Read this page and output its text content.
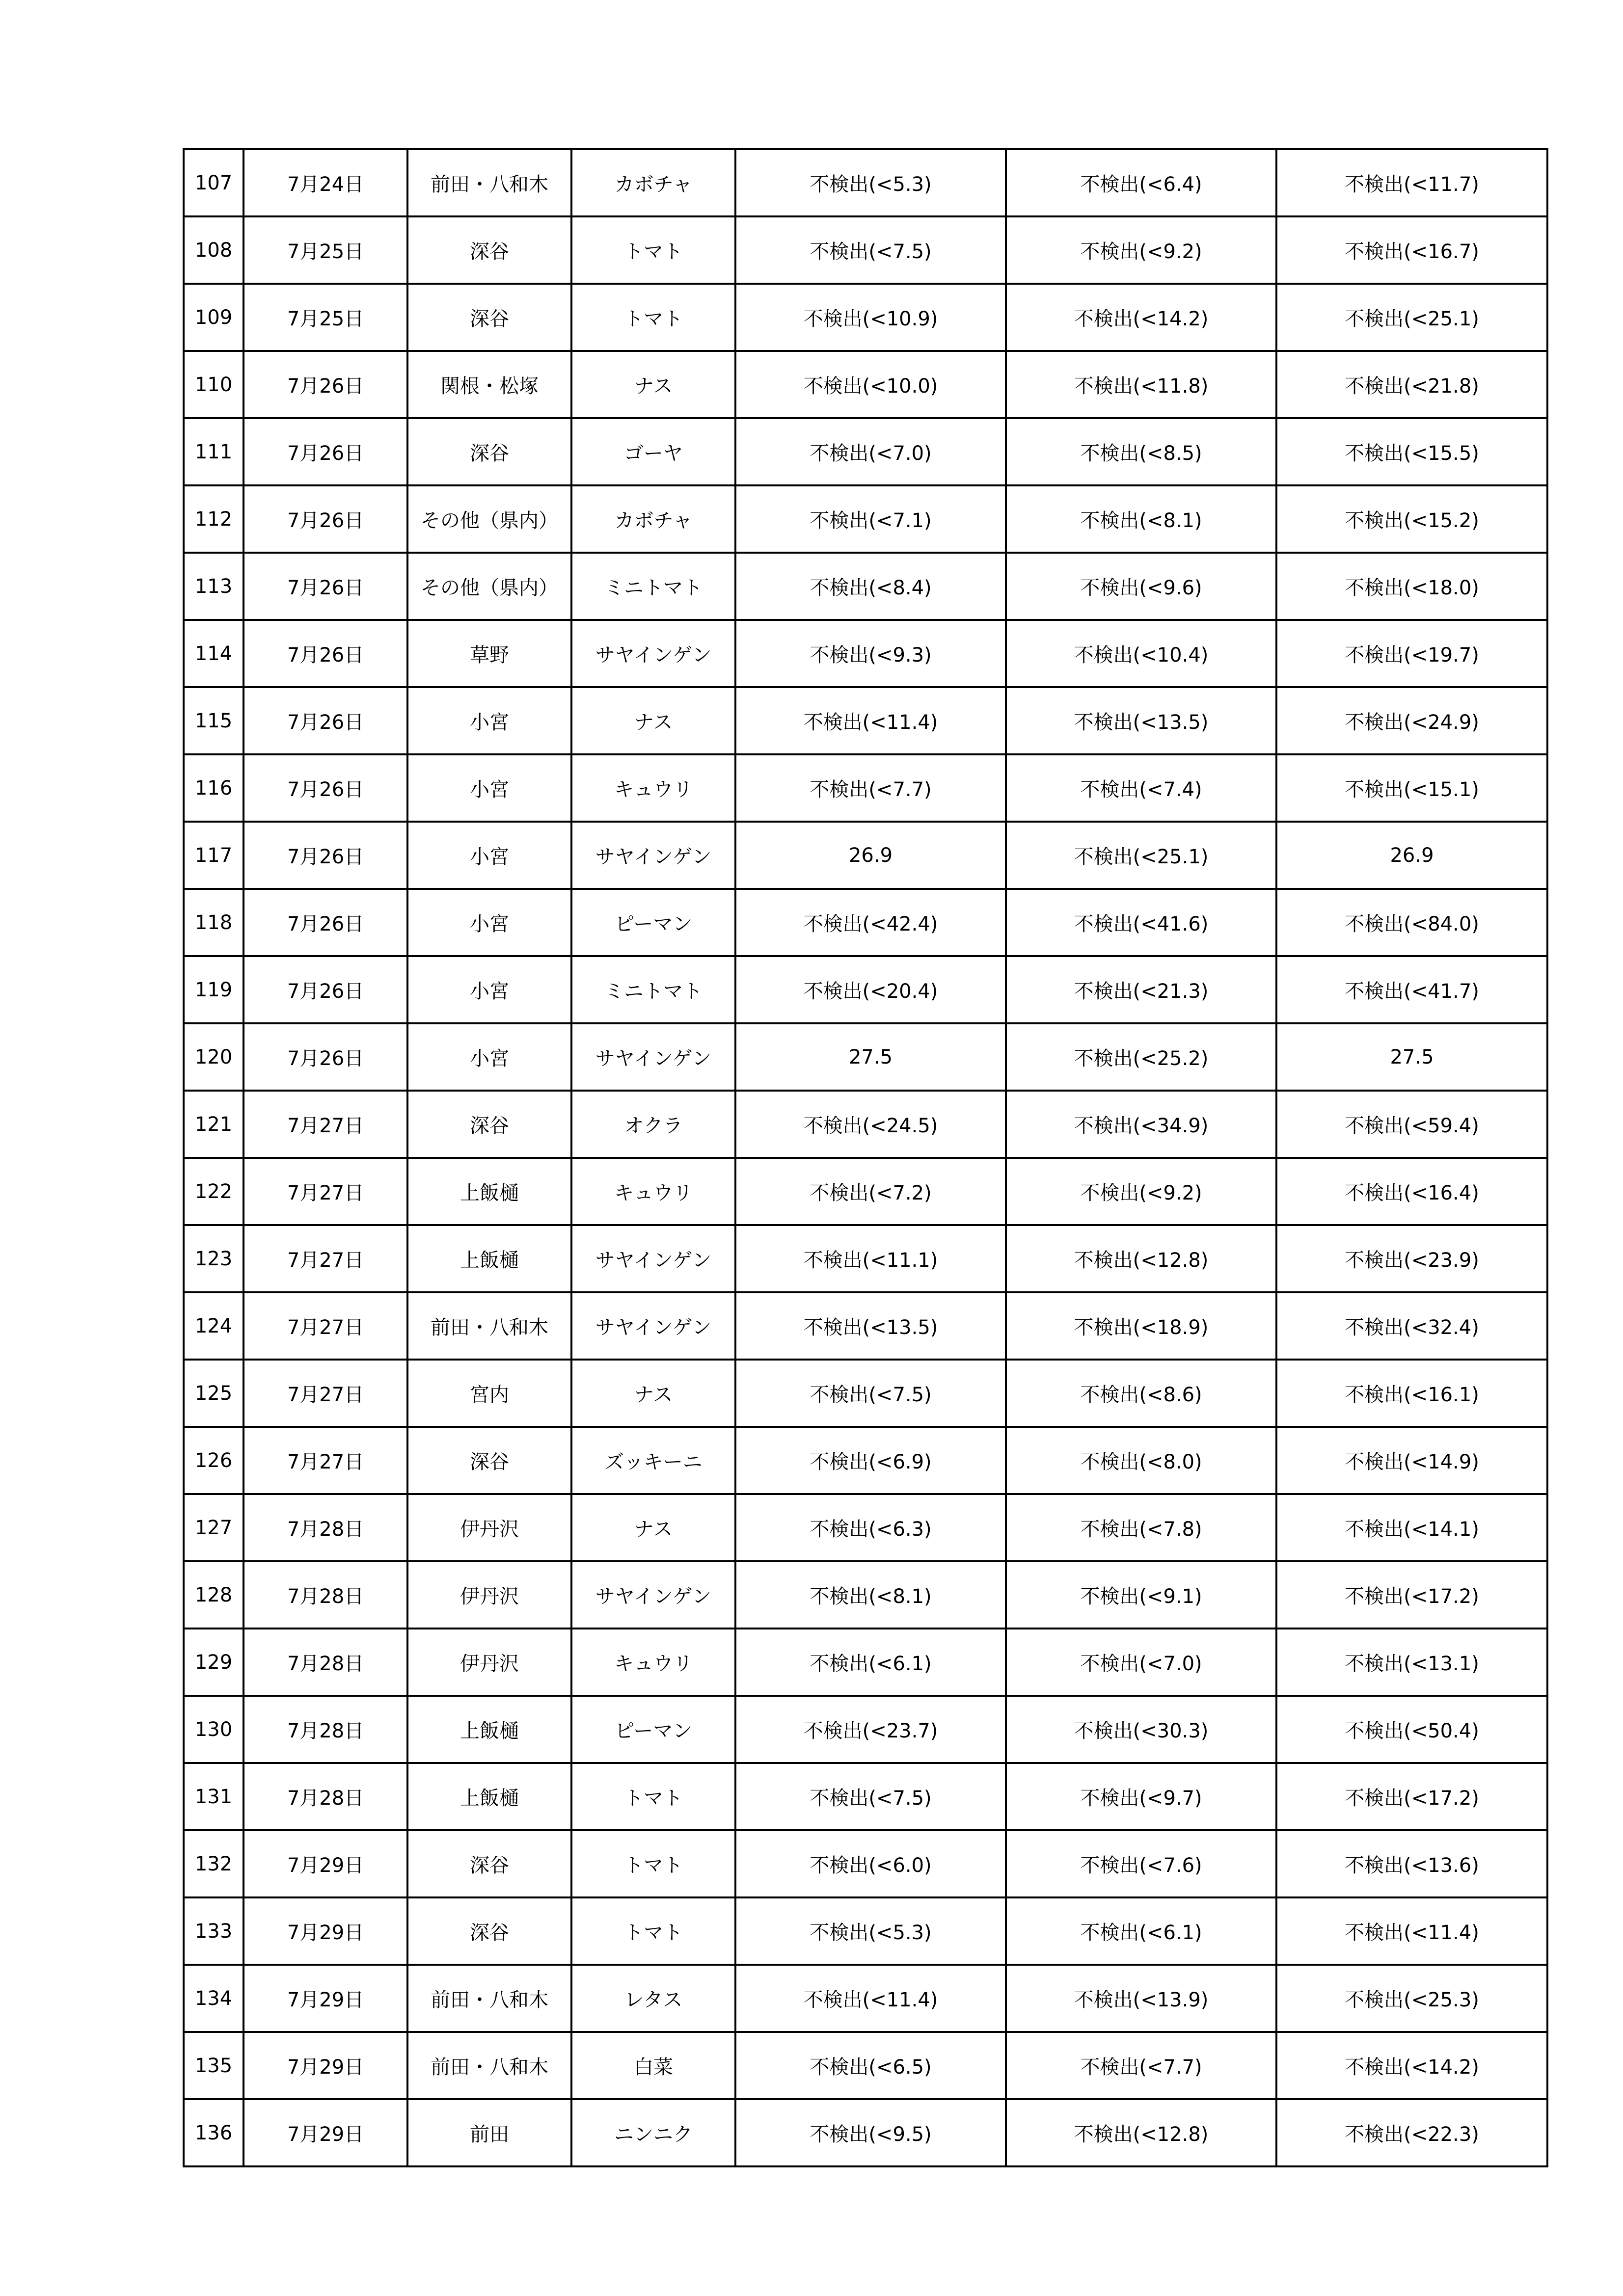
107	7月24日	前田・八和木	カボチャ	不検出(<5.3)	不検出(<6.4)	不検出(<11.7)
108	7月25日	深谷	トマト	不検出(<7.5)	不検出(<9.2)	不検出(<16.7)
109	7月25日	深谷	トマト	不検出(<10.9)	不検出(<14.2)	不検出(<25.1)
110	7月26日	関根・松塚	ナス	不検出(<10.0)	不検出(<11.8)	不検出(<21.8)
111	7月26日	深谷	ゴーヤ	不検出(<7.0)	不検出(<8.5)	不検出(<15.5)
112	7月26日	その他（県内）	カボチャ	不検出(<7.1)	不検出(<8.1)	不検出(<15.2)
113	7月26日	その他（県内）	ミニトマト	不検出(<8.4)	不検出(<9.6)	不検出(<18.0)
114	7月26日	草野	サヤインゲン	不検出(<9.3)	不検出(<10.4)	不検出(<19.7)
115	7月26日	小宮	ナス	不検出(<11.4)	不検出(<13.5)	不検出(<24.9)
116	7月26日	小宮	キュウリ	不検出(<7.7)	不検出(<7.4)	不検出(<15.1)
117	7月26日	小宮	サヤインゲン	26.9	不検出(<25.1)	26.9
118	7月26日	小宮	ピーマン	不検出(<42.4)	不検出(<41.6)	不検出(<84.0)
119	7月26日	小宮	ミニトマト	不検出(<20.4)	不検出(<21.3)	不検出(<41.7)
120	7月26日	小宮	サヤインゲン	27.5	不検出(<25.2)	27.5
121	7月27日	深谷	オクラ	不検出(<24.5)	不検出(<34.9)	不検出(<59.4)
122	7月27日	上飯樋	キュウリ	不検出(<7.2)	不検出(<9.2)	不検出(<16.4)
123	7月27日	上飯樋	サヤインゲン	不検出(<11.1)	不検出(<12.8)	不検出(<23.9)
124	7月27日	前田・八和木	サヤインゲン	不検出(<13.5)	不検出(<18.9)	不検出(<32.4)
125	7月27日	宮内	ナス	不検出(<7.5)	不検出(<8.6)	不検出(<16.1)
126	7月27日	深谷	ズッキーニ	不検出(<6.9)	不検出(<8.0)	不検出(<14.9)
127	7月28日	伊丹沢	ナス	不検出(<6.3)	不検出(<7.8)	不検出(<14.1)
128	7月28日	伊丹沢	サヤインゲン	不検出(<8.1)	不検出(<9.1)	不検出(<17.2)
129	7月28日	伊丹沢	キュウリ	不検出(<6.1)	不検出(<7.0)	不検出(<13.1)
130	7月28日	上飯樋	ピーマン	不検出(<23.7)	不検出(<30.3)	不検出(<50.4)
131	7月28日	上飯樋	トマト	不検出(<7.5)	不検出(<9.7)	不検出(<17.2)
132	7月29日	深谷	トマト	不検出(<6.0)	不検出(<7.6)	不検出(<13.6)
133	7月29日	深谷	トマト	不検出(<5.3)	不検出(<6.1)	不検出(<11.4)
134	7月29日	前田・八和木	レタス	不検出(<11.4)	不検出(<13.9)	不検出(<25.3)
135	7月29日	前田・八和木	白菜	不検出(<6.5)	不検出(<7.7)	不検出(<14.2)
136	7月29日	前田	ニンニク	不検出(<9.5)	不検出(<12.8)	不検出(<22.3)
